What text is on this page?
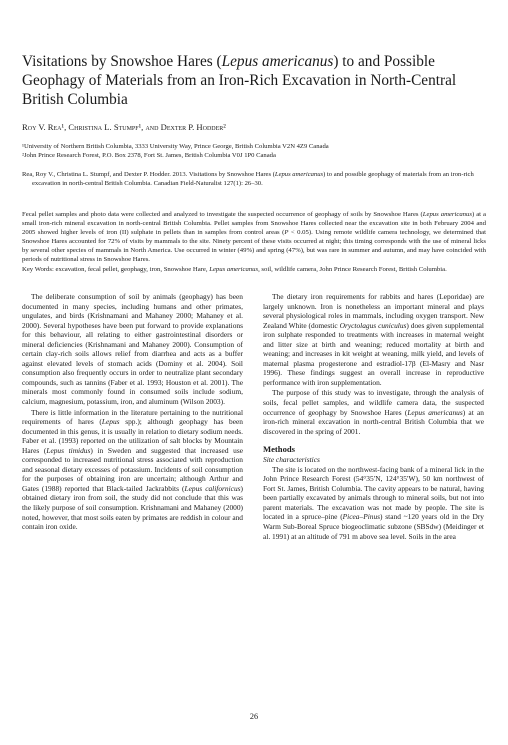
Visitations by Snowshoe Hares (Lepus americanus) to and Possible Geophagy of Materials from an Iron-Rich Excavation in North-Central British Columbia

Roy V. Rea¹, Christina L. Stumpf¹, and Dexter P. Hodder²

¹University of Northern British Columbia, 3333 University Way, Prince George, British Columbia V2N 4Z9 Canada

²John Prince Research Forest, P.O. Box 2378, Fort St. James, British Columbia V0J 1P0 Canada

Rea, Roy V., Christina L. Stumpf, and Dexter P. Hodder. 2013. Visitations by Snowshoe Hares (Lepus americanus) to and possible geophagy of materials from an iron-rich excavation in north-central British Columbia. Canadian Field-Naturalist 127(1): 26–30.

Fecal pellet samples and photo data were collected and analyzed to investigate the suspected occurrence of geophagy of soils by Snowshoe Hares (Lepus americanus) at a small iron-rich mineral excavation in north-central British Columbia. Pellet samples from Snowshoe Hares collected near the excavation site in both February 2004 and 2005 showed higher levels of iron (II) sulphate in pellets than in samples from control areas (P < 0.05). Using remote wildlife camera technology, we determined that Snowshoe Hares accounted for 72% of visits by mammals to the site. Ninety percent of these visits occurred at night; this timing corresponds with the use of mineral licks by several other species of mammals in North America. Use occurred in winter (49%) and spring (47%), but was rare in summer and autumn, and may have coincided with periods of nutritional stress in Snowshoe Hares.

Key Words: excavation, fecal pellet, geophagy, iron, Snowshoe Hare, Lepus americanus, soil, wildlife camera, John Prince Research Forest, British Columbia.

The deliberate consumption of soil by animals (geophagy) has been documented in many species, including humans and other primates, ungulates, and birds (Krishnamani and Mahaney 2000; Mahaney et al. 2000). Several hypotheses have been put forward to provide explanations for this behaviour, all relating to either gastrointestinal disorders or mineral deficiencies (Krishnamani and Mahaney 2000). Consumption of certain clay-rich soils allows relief from diarrhea and acts as a buffer against elevated levels of stomach acids (Dominy et al. 2004). Soil consumption also frequently occurs in order to neutralize plant secondary compounds, such as tannins (Faber et al. 1993; Houston et al. 2001). The minerals most commonly found in consumed soils include sodium, calcium, magnesium, potassium, iron, and aluminum (Wilson 2003).

There is little information in the literature pertaining to the nutritional requirements of hares (Lepus spp.); although geophagy has been documented in this genus, it is usually in relation to dietary sodium needs. Faber et al. (1993) reported on the utilization of salt blocks by Mountain Hares (Lepus timidus) in Sweden and suggested that increased use corresponded to increased nutritional stress associated with reproduction and seasonal dietary excesses of potassium. Incidents of soil consumption for the purposes of obtaining iron are uncertain; although Arthur and Gates (1988) reported that Black-tailed Jackrabbits (Lepus californicus) obtained dietary iron from soil, the study did not conclude that this was the likely purpose of soil consumption. Krishnamani and Mahaney (2000) noted, however, that most soils eaten by primates are reddish in colour and contain iron oxide.

The dietary iron requirements for rabbits and hares (Leporidae) are largely unknown. Iron is nonetheless an important mineral and plays several physiological roles in mammals, including oxygen transport. New Zealand White (domestic Oryctolagus cuniculus) does given supplemental iron sulphate responded to treatments with increases in maternal weight and litter size at birth and weaning; reduced mortality at birth and weaning; and increases in kit weight at weaning, milk yield, and levels of maternal plasma progesterone and estradiol-17β (El-Masry and Nasr 1996). These findings suggest an overall increase in reproductive performance with iron supplementation.

The purpose of this study was to investigate, through the analysis of soils, fecal pellet samples, and wildlife camera data, the suspected occurrence of geophagy by Snowshoe Hares (Lepus americanus) at an iron-rich mineral excavation in north-central British Columbia that we discovered in the spring of 2001.

Methods
Site characteristics

The site is located on the northwest-facing bank of a mineral lick in the John Prince Research Forest (54°35′N, 124°35′W), 50 km northwest of Fort St. James, British Columbia. The cavity appears to be natural, having been partially excavated by animals through to mineral soils, but not into parent materials. The excavation was not made by people. The site is located in a spruce–pine (Picea–Pinus) stand ~120 years old in the Dry Warm Sub-Boreal Spruce biogeoclimatic subzone (SBSdw) (Meidinger et al. 1991) at an altitude of 791 m above sea level. Soils in the area

26
